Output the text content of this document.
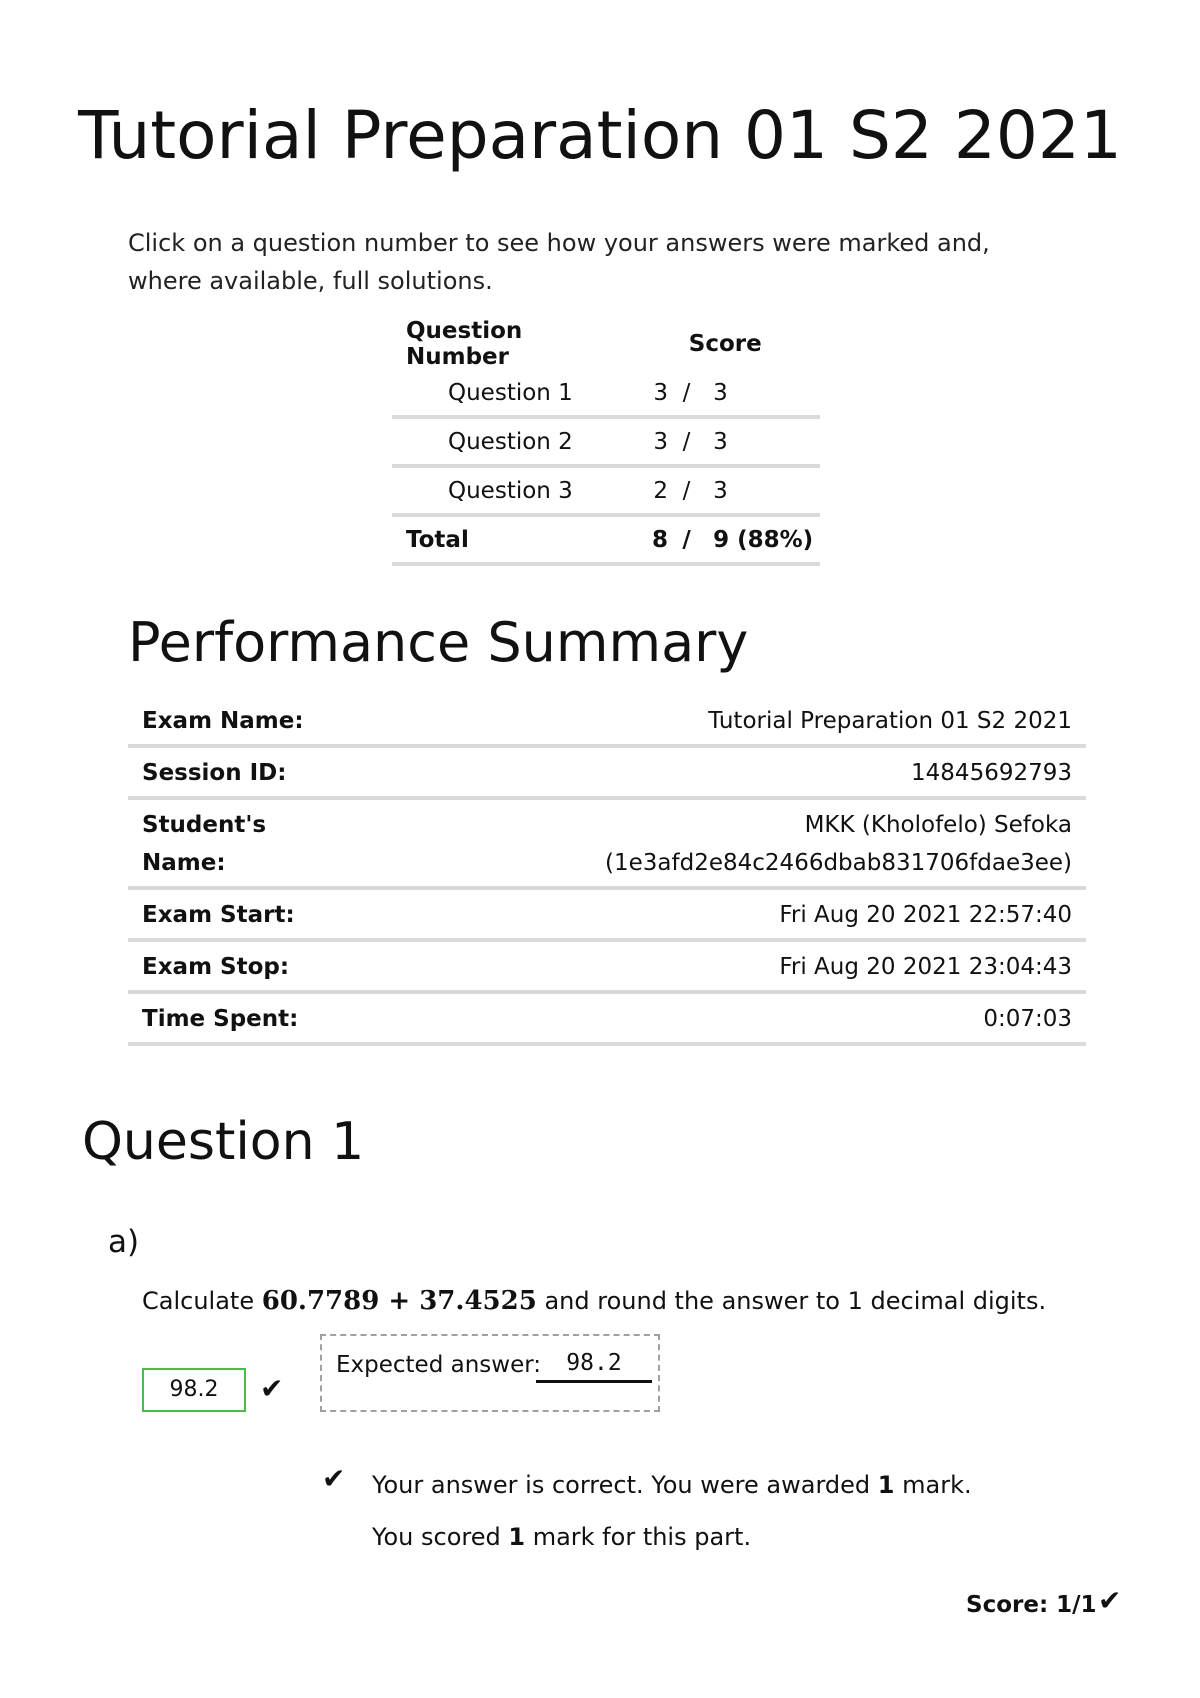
Tutorial Preparation 01 S2 2021
Click on a question number to see how your answers were marked and, where available, full solutions.
Question Number	Score		
Question 1	3	/	3
Question 2	3	/	3
Question 3	2	/	3
Total	8	/	9 (88%)
Performance Summary
Exam Name:	Tutorial Preparation 01 S2 2021
Session ID:	14845692793
Student's Name:	MKK (Kholofelo) Sefoka
(1e3afd2e84c2466dbab831706fdae3ee)

Exam Start:	Fri Aug 20 2021 22:57:40
Exam Stop:	Fri Aug 20 2021 23:04:43
Time Spent:	0:07:03
Question 1
a)
Calculate 60.7789 + 37.4525 and round the answer to 1 decimal digits.
98.2	✔
Expected answer:	98.2
✔ Your answer is correct. You were awarded 1 mark.
You scored 1 mark for this part.
Score: 1/1 ✔
